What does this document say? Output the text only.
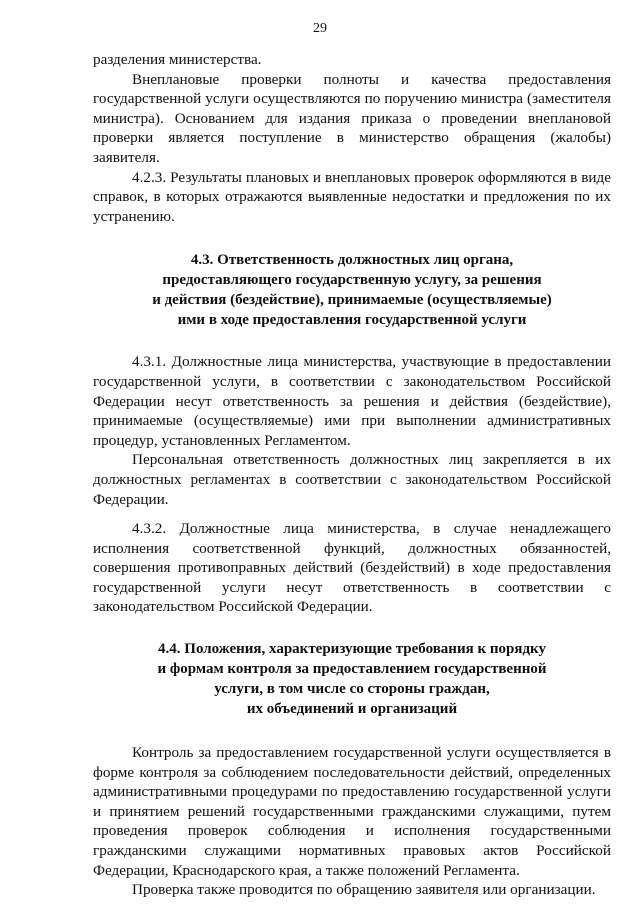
29

разделения министерства.

Внеплановые проверки полноты и качества предоставления государственной услуги осуществляются по поручению министра (заместителя министра). Основанием для издания приказа о проведении внеплановой проверки является поступление в министерство обращения (жалобы) заявителя.

4.2.3. Результаты плановых и внеплановых проверок оформляются в виде справок, в которых отражаются выявленные недостатки и предложения по их устранению.

4.3. Ответственность должностных лиц органа,
предоставляющего государственную услугу, за решения
и действия (бездействие), принимаемые (осуществляемые)
ими в ходе предоставления государственной услуги

4.3.1. Должностные лица министерства, участвующие в предоставлении государственной услуги, в соответствии с законодательством Российской Федерации несут ответственность за решения и действия (бездействие), принимаемые (осуществляемые) ими при выполнении административных процедур, установленных Регламентом.

Персональная ответственность должностных лиц закрепляется в их должностных регламентах в соответствии с законодательством Российской Федерации.

4.3.2. Должностные лица министерства, в случае ненадлежащего исполнения соответственной функций, должностных обязанностей, совершения противоправных действий (бездействий) в ходе предоставления государственной услуги несут ответственность в соответствии с законодательством Российской Федерации.

4.4. Положения, характеризующие требования к порядку
и формам контроля за предоставлением государственной
услуги, в том числе со стороны граждан,
их объединений и организаций

Контроль за предоставлением государственной услуги осуществляется в форме контроля за соблюдением последовательности действий, определенных административными процедурами по предоставлению государственной услуги и принятием решений государственными гражданскими служащими, путем проведения проверок соблюдения и исполнения государственными гражданскими служащими нормативных правовых актов Российской Федерации, Краснодарского края, а также положений Регламента.

Проверка также проводится по обращению заявителя или организации.
